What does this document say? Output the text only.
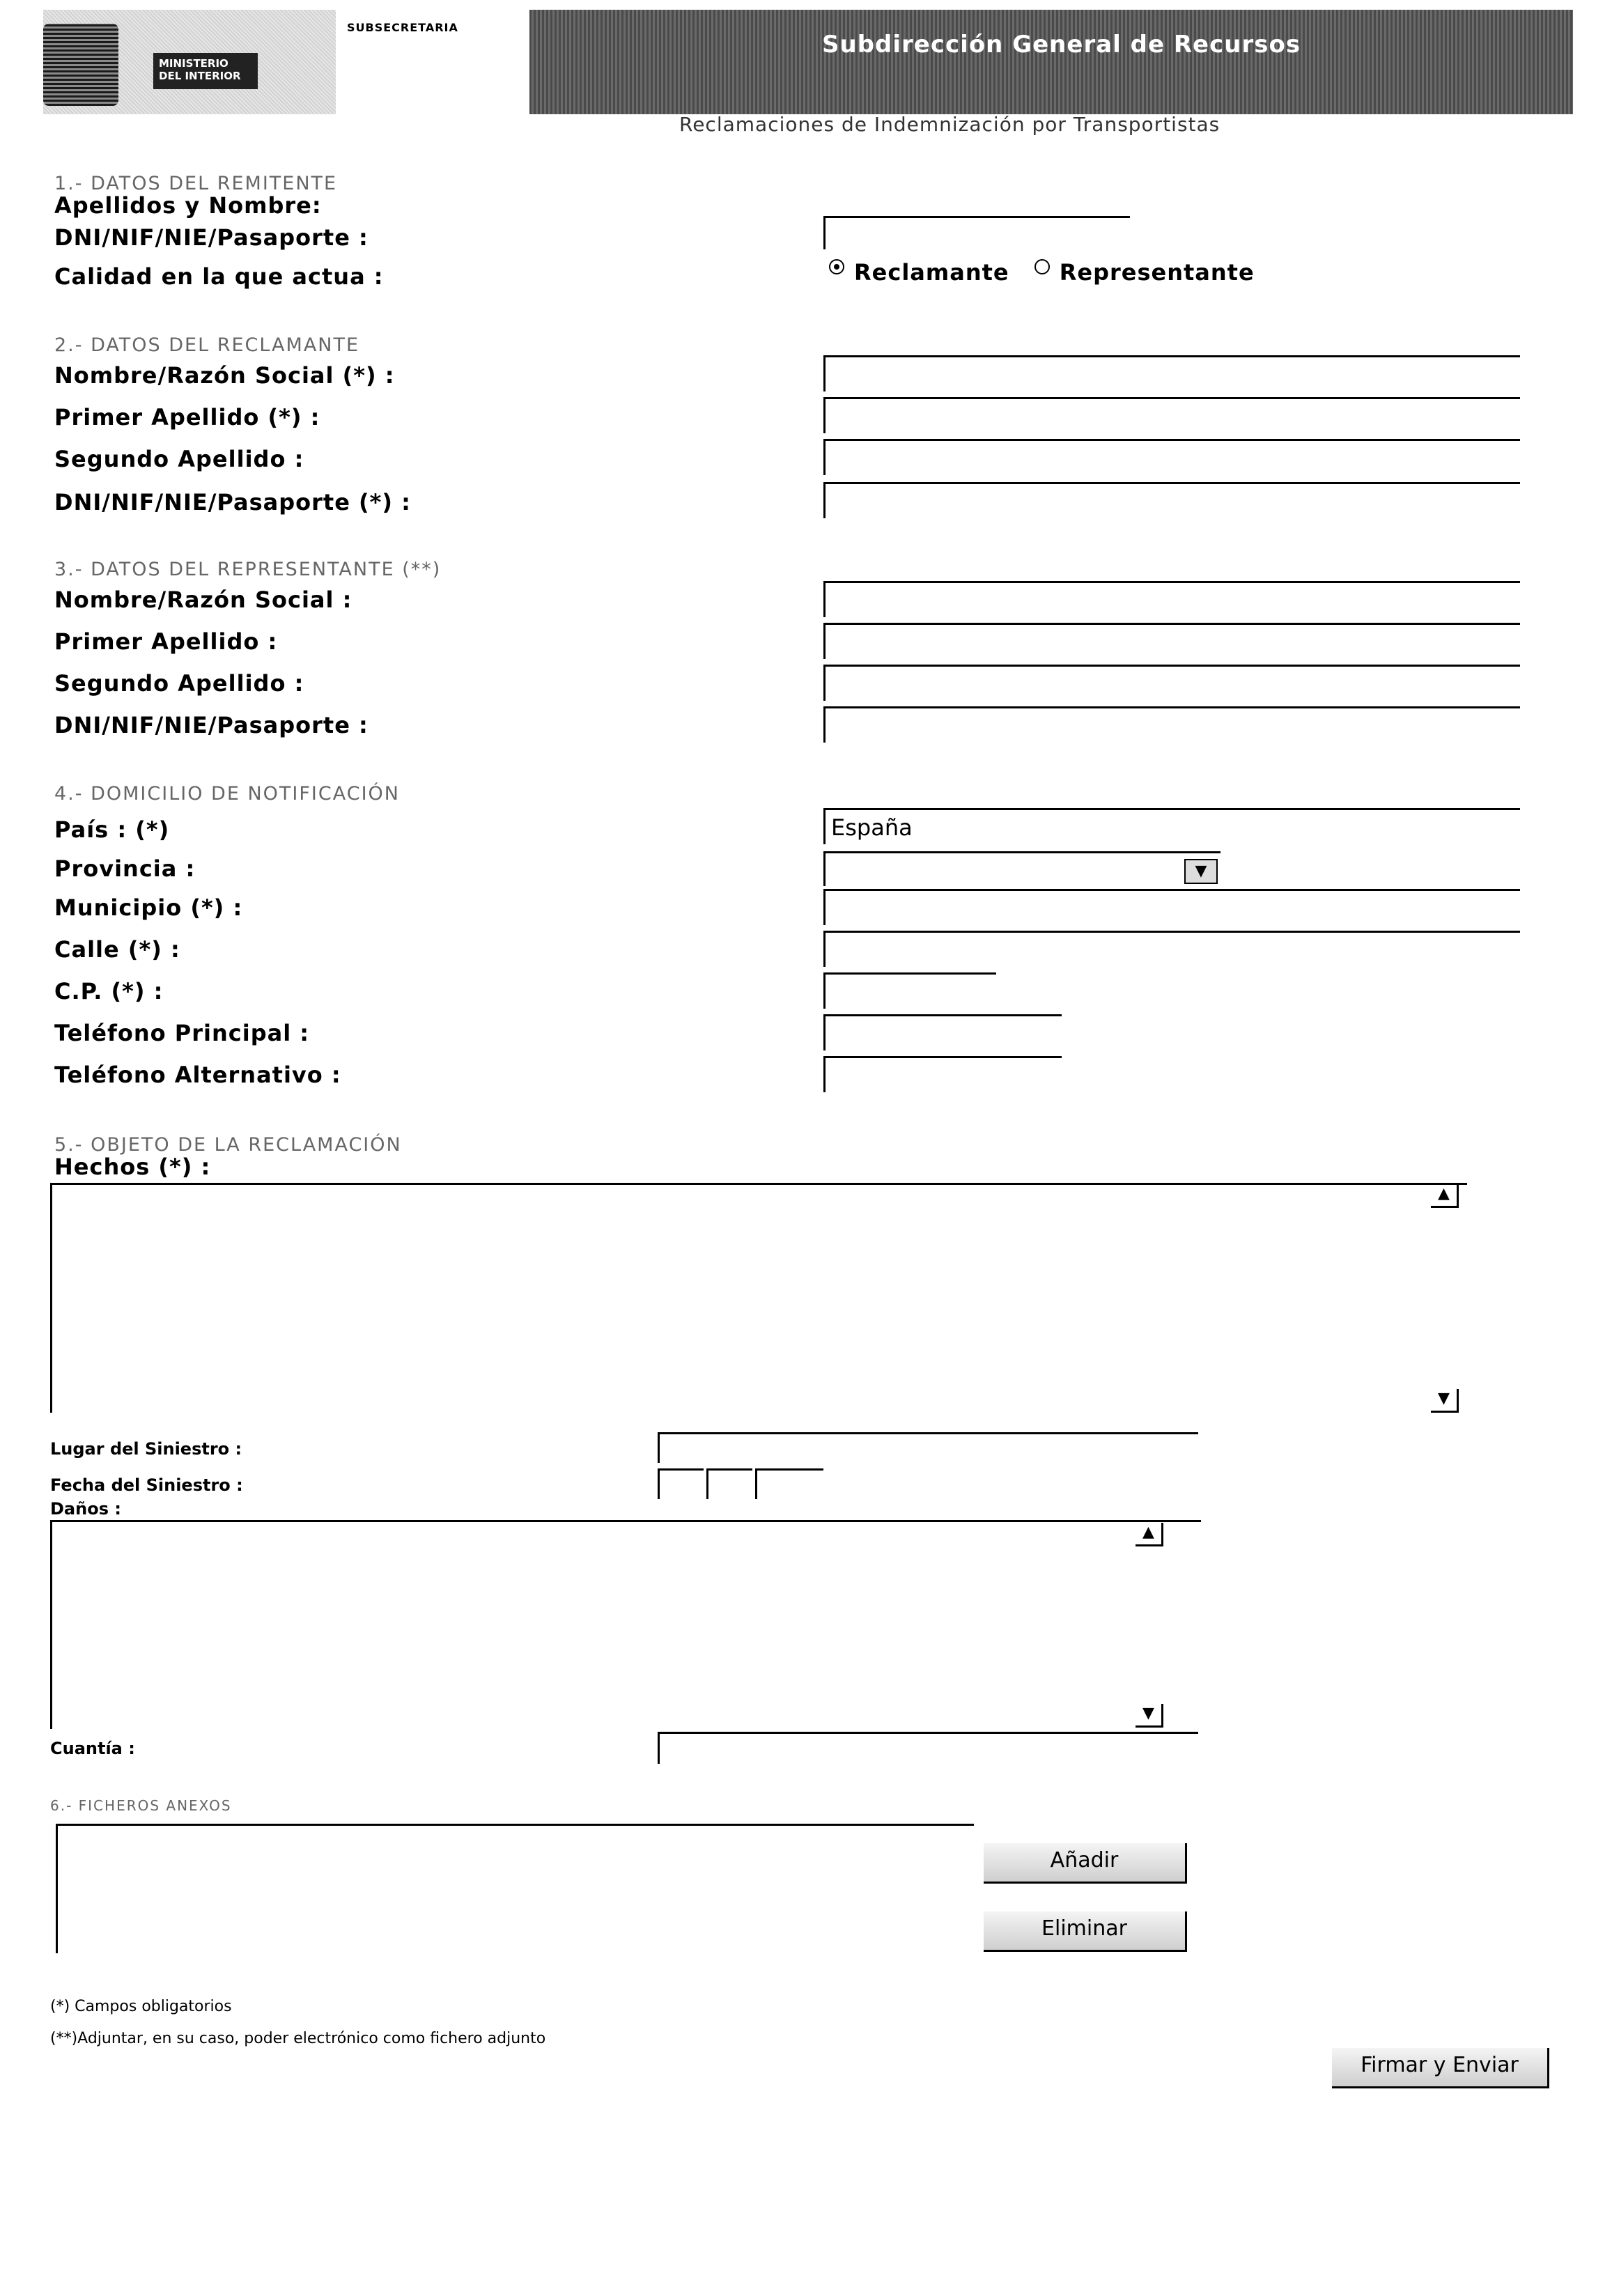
MINISTERIO DEL INTERIOR
SUBSECRETARIA
Subdirección General de Recursos
Reclamaciones de Indemnización por Transportistas
1.- DATOS DEL REMITENTE
Apellidos y Nombre:
DNI/NIF/NIE/Pasaporte :
Calidad en la que actua :	Reclamante Representante
2.- DATOS DEL RECLAMANTE
Nombre/Razón Social (*) :
Primer Apellido (*) :
Segundo Apellido :
DNI/NIF/NIE/Pasaporte (*) :
3.- DATOS DEL REPRESENTANTE (**)
Nombre/Razón Social :
Primer Apellido :
Segundo Apellido :
DNI/NIF/NIE/Pasaporte :
4.- DOMICILIO DE NOTIFICACIÓN
País : (*)
España
Provincia :	▼
Municipio (*) :
Calle (*) :
C.P. (*) :
Teléfono Principal :
Teléfono Alternativo :
5.- OBJETO DE LA RECLAMACIÓN
Hechos (*) :
▲
▼
Lugar del Siniestro :
Fecha del Siniestro :
Daños :
▲
▼
Cuantía :
6.- FICHEROS ANEXOS
Añadir
Eliminar
(*) Campos obligatorios
(**)Adjuntar, en su caso, poder electrónico como fichero adjunto
Firmar y Enviar
